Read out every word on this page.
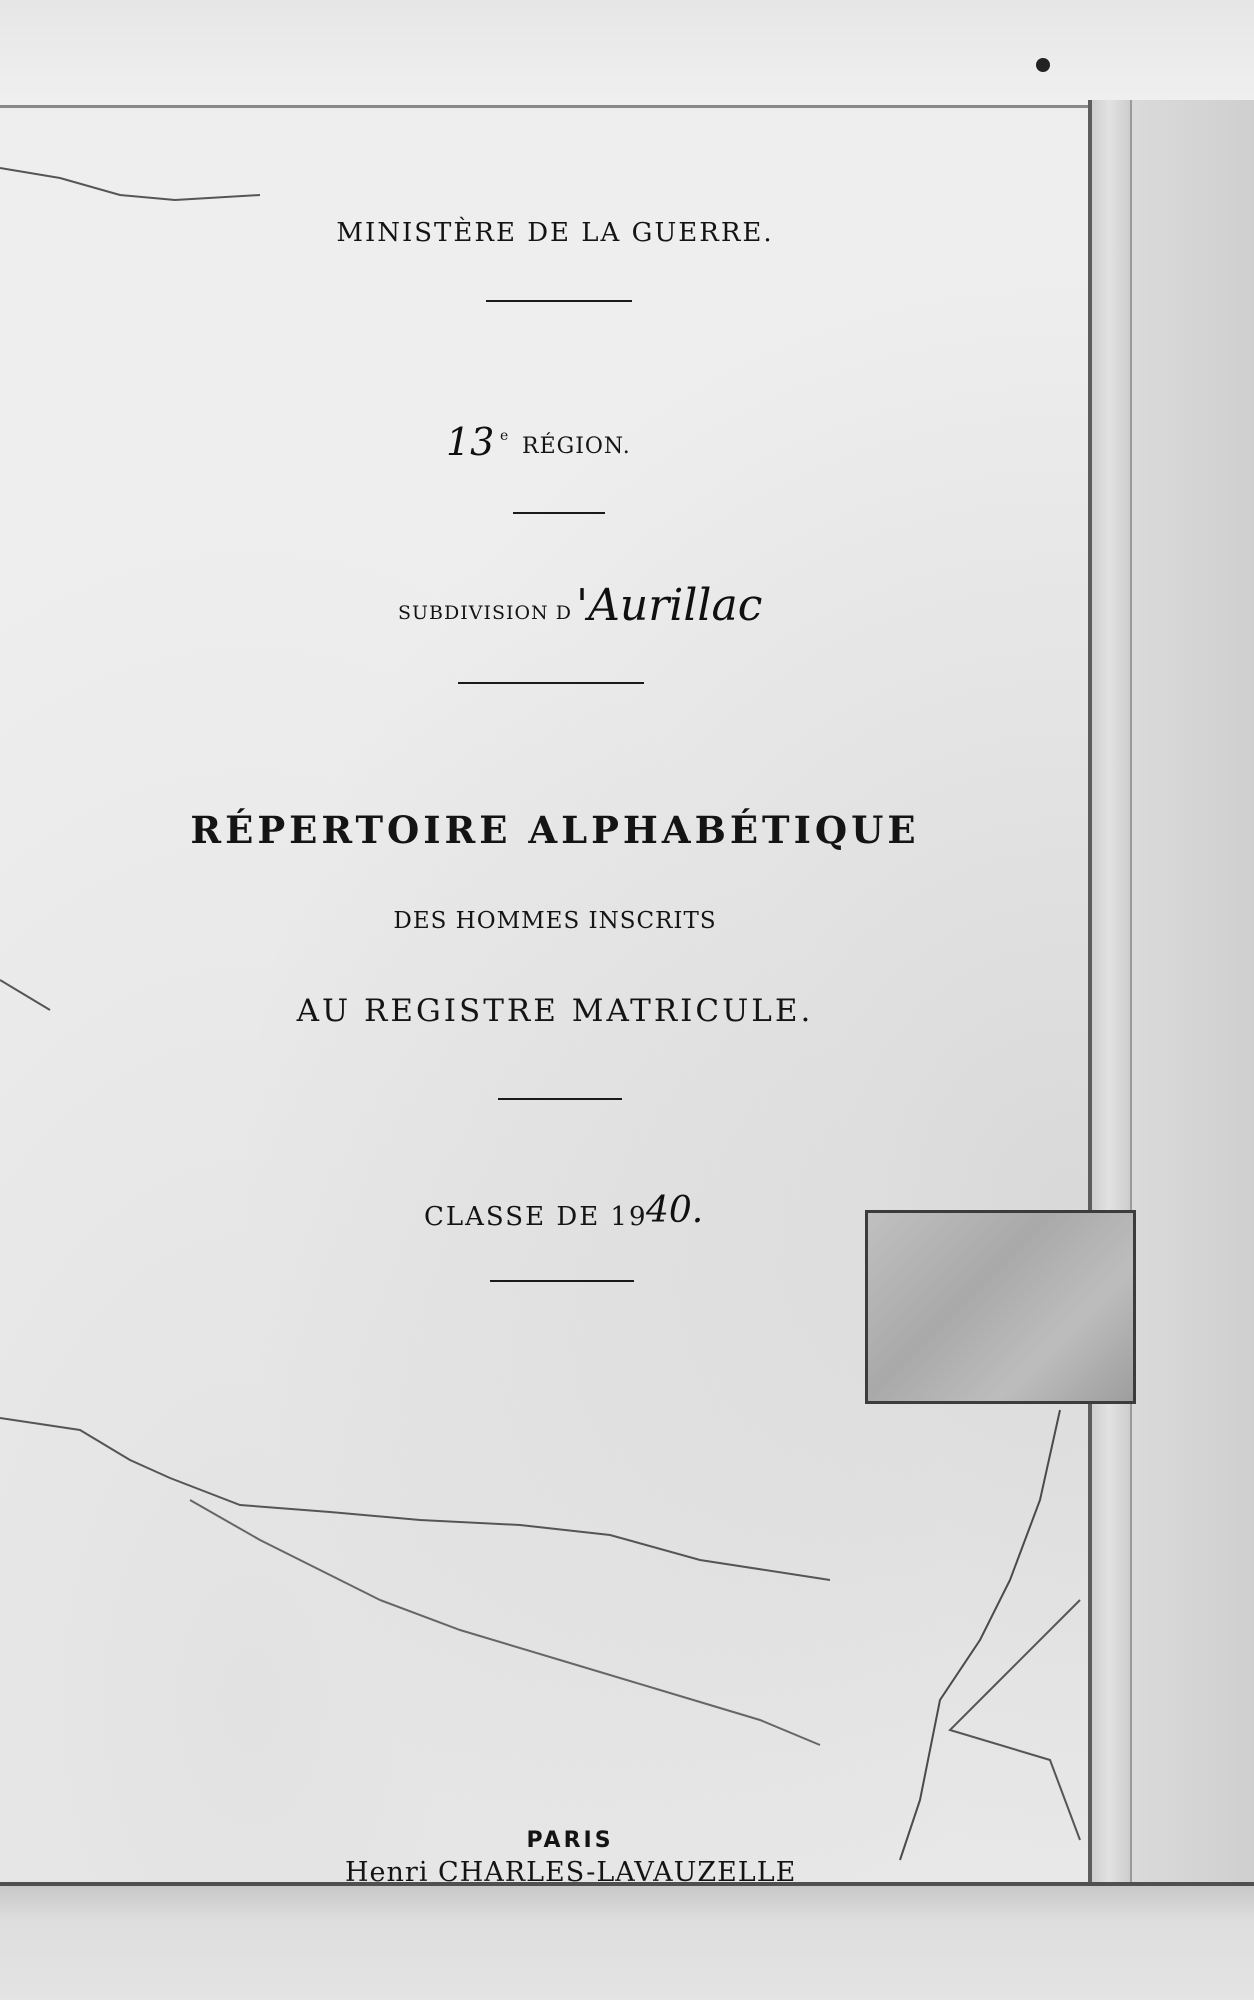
MINISTÈRE DE LA GUERRE.
13 e RÉGION.
SUBDIVISION D 'Aurillac
RÉPERTOIRE ALPHABÉTIQUE
DES HOMMES INSCRITS
AU REGISTRE MATRICULE.
CLASSE DE 19
40.
PARIS
Henri CHARLES-LAVAUZELLE
